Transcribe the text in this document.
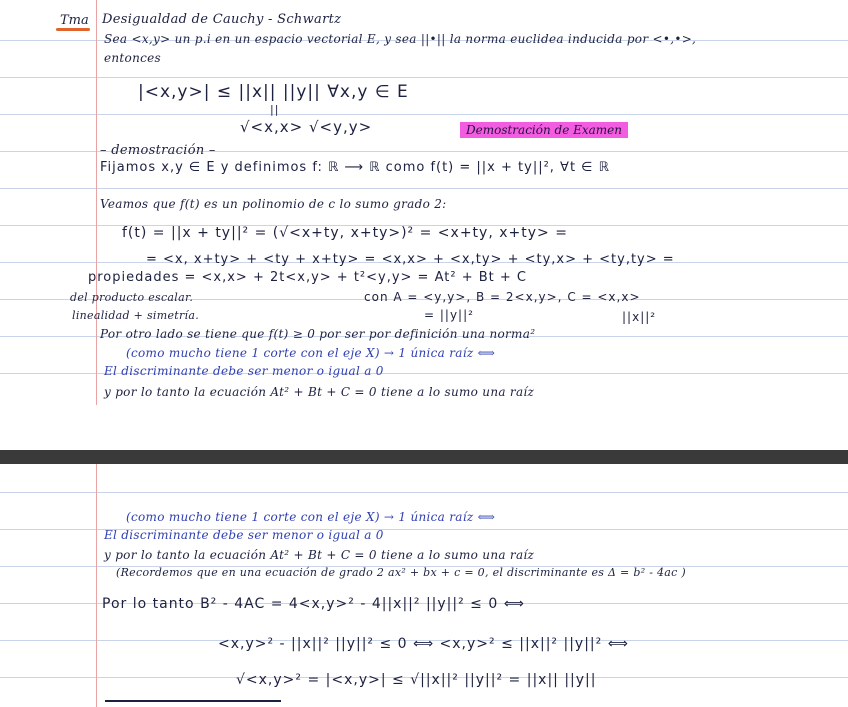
Tma Desigualdad de Cauchy - Schwartz
Sea <x,y> un p.i en un espacio vectorial E, y sea ||•|| la norma euclidea inducida por <•,•>,
entonces
|<x,y>| ≤ ||x|| ||y|| ∀x,y ∈ E
||
√<x,x> √<y,y>	Demostración de Examen
– demostración –
Fijamos x,y ∈ E y definimos f: ℝ ⟶ ℝ como f(t) = ||x + ty||², ∀t ∈ ℝ
Veamos que f(t) es un polinomio de c lo sumo grado 2:
f(t) = ||x + ty||² = (√<x+ty, x+ty>)² = <x+ty, x+ty> =
= <x, x+ty> + <ty + x+ty> = <x,x> + <x,ty> + <ty,x> + <ty,ty> =
propiedades = <x,x> + 2t<x,y> + t²<y,y> = At² + Bt + C
del producto escalar.	con A = <y,y>, B = 2<x,y>, C = <x,x>
linealidad + simetría.	= ||y||²	||x||²
Por otro lado se tiene que f(t) ≥ 0 por ser por definición una norma²
(como mucho tiene 1 corte con el eje X) → 1 única raíz ⟺
El discriminante debe ser menor o igual a 0
y por lo tanto la ecuación At² + Bt + C = 0 tiene a lo sumo una raíz
(como mucho tiene 1 corte con el eje X) → 1 única raíz ⟺
El discriminante debe ser menor o igual a 0
y por lo tanto la ecuación At² + Bt + C = 0 tiene a lo sumo una raíz
(Recordemos que en una ecuación de grado 2 ax² + bx + c = 0, el discriminante es Δ = b² - 4ac )
Por lo tanto B² - 4AC = 4<x,y>² - 4||x||² ||y||² ≤ 0 ⟺
<x,y>² - ||x||² ||y||² ≤ 0 ⟺ <x,y>² ≤ ||x||² ||y||² ⟺
√<x,y>² = |<x,y>| ≤ √||x||² ||y||² = ||x|| ||y||
